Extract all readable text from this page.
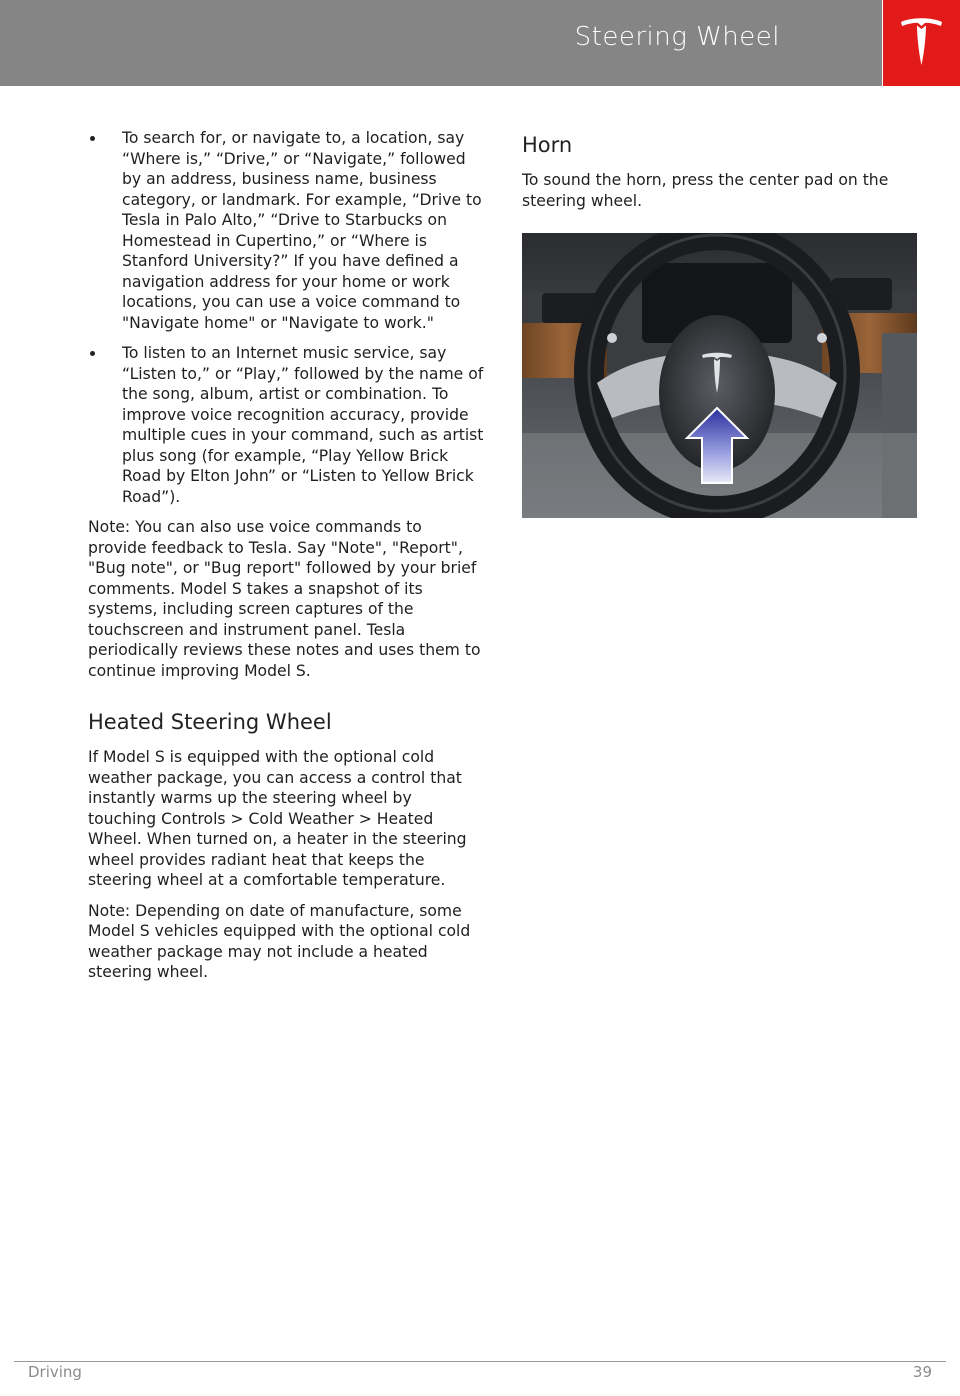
Steering Wheel
To search for, or navigate to, a location, say “Where is,” “Drive,” or “Navigate,” followed by an address, business name, business category, or landmark. For example, “Drive to Tesla in Palo Alto,” “Drive to Starbucks on Homestead in Cupertino,” or “Where is Stanford University?” If you have defined a navigation address for your home or work locations, you can use a voice command to "Navigate home" or "Navigate to work."
To listen to an Internet music service, say “Listen to,” or “Play,” followed by the name of the song, album, artist or combination. To improve voice recognition accuracy, provide multiple cues in your command, such as artist plus song (for example, “Play Yellow Brick Road by Elton John” or “Listen to Yellow Brick Road”).

Note: You can also use voice commands to provide feedback to Tesla. Say "Note", "Report", "Bug note", or "Bug report" followed by your brief comments. Model S takes a snapshot of its systems, including screen captures of the touchscreen and instrument panel. Tesla periodically reviews these notes and uses them to continue improving Model S.

Heated Steering Wheel

If Model S is equipped with the optional cold weather package, you can access a control that instantly warms up the steering wheel by touching Controls > Cold Weather > Heated Wheel. When turned on, a heater in the steering wheel provides radiant heat that keeps the steering wheel at a comfortable temperature.

Note: Depending on date of manufacture, some Model S vehicles equipped with the optional cold weather package may not include a heated steering wheel.

Horn

To sound the horn, press the center pad on the steering wheel.

Driving	39
